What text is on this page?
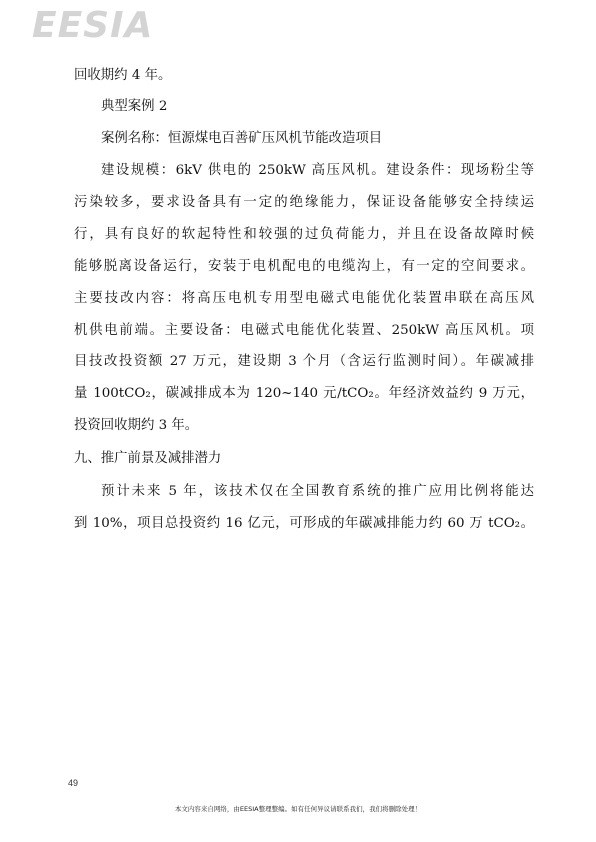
EESIA

回收期约 4 年。

典型案例 2

案例名称：恒源煤电百善矿压风机节能改造项目

建设规模：6kV 供电的 250kW 高压风机。建设条件：现场粉尘等

污染较多，要求设备具有一定的绝缘能力，保证设备能够安全持续运

行，具有良好的软起特性和较强的过负荷能力，并且在设备故障时候

能够脱离设备运行，安装于电机配电的电缆沟上，有一定的空间要求。

主要技改内容：将高压电机专用型电磁式电能优化装置串联在高压风

机供电前端。主要设备：电磁式电能优化装置、250kW 高压风机。项

目技改投资额 27 万元，建设期 3 个月（含运行监测时间）。年碳减排

量 100tCO₂，碳减排成本为 120~140 元/tCO₂。年经济效益约 9 万元，

投资回收期约 3 年。

九、推广前景及减排潜力

预计未来 5 年，该技术仅在全国教育系统的推广应用比例将能达

到 10%，项目总投资约 16 亿元，可形成的年碳减排能力约 60 万 tCO₂。

49
本文内容来自网络，由EESIA整理整编。如有任何异议请联系我们，我们将删除处理！
